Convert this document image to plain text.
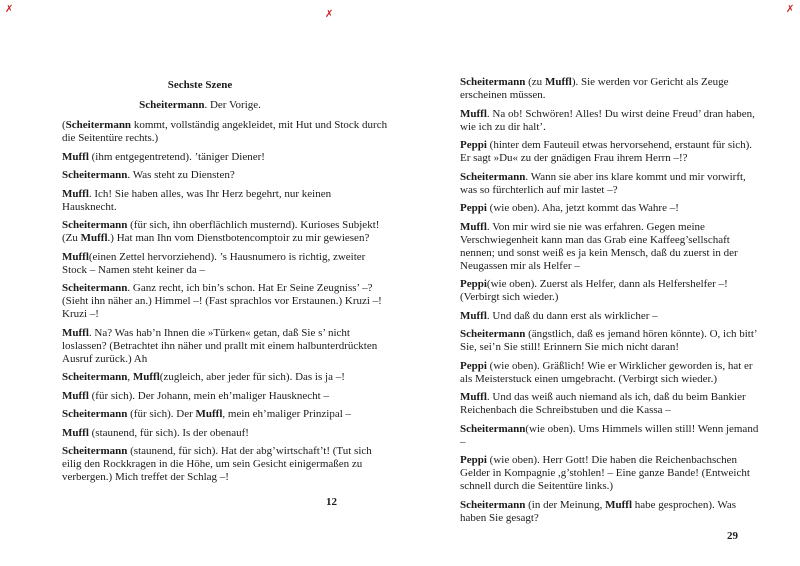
✗	✗	✗

Sechste Szene

Scheitermann. Der Vorige.

(Scheitermann kommt, vollständig angekleidet, mit Hut und Stock durch die Seitentüre rechts.)

Muffl (ihm entgegentretend). ’täniger Diener!

Scheitermann. Was steht zu Diensten?

Muffl. Ich! Sie haben alles, was Ihr Herz begehrt, nur keinen Hausknecht.

Scheitermann (für sich, ihn oberflächlich musternd). Kurioses Subjekt! (Zu Muffl.) Hat man Ihn vom Dienstbotencomptoir zu mir gewiesen?

Muffl(einen Zettel hervorziehend). ’s Hausnumero is richtig, zweiter Stock – Namen steht keiner da –

Scheitermann. Ganz recht, ich bin’s schon. Hat Er Seine Zeugniss’ –? (Sieht ihn näher an.) Himmel –! (Fast sprachlos vor Erstaunen.) Kruzi –! Kruzi –!

Muffl. Na? Was hab’n Ihnen die »Türken« getan, daß Sie s’ nicht loslassen? (Betrachtet ihn näher und prallt mit einem halbunterdrückten Ausruf zurück.) Ah

Scheitermann, Muffl(zugleich, aber jeder für sich). Das is ja –!

Muffl (für sich). Der Johann, mein eh’maliger Hausknecht –

Scheitermann (für sich). Der Muffl, mein eh’maliger Prinzipal –

Muffl (staunend, für sich). Is der obenauf!

Scheitermann (staunend, für sich). Hat der abg’wirtschaft’t! (Tut sich eilig den Rockkragen in die Höhe, um sein Gesicht einigermaßen zu verbergen.) Mich treffet der Schlag –!

12

Scheitermann (zu Muffl). Sie werden vor Gericht als Zeuge erscheinen müssen.

Muffl. Na ob! Schwören! Alles! Du wirst deine Freud’ dran haben, wie ich zu dir halt’.

Peppi (hinter dem Fauteuil etwas hervorsehend, erstaunt für sich). Er sagt »Du« zu der gnädigen Frau ihrem Herrn –!?

Scheitermann. Wann sie aber ins klare kommt und mir vorwirft, was so fürchterlich auf mir lastet –?

Peppi (wie oben). Aha, jetzt kommt das Wahre –!

Muffl. Von mir wird sie nie was erfahren. Gegen meine Verschwiegenheit kann man das Grab eine Kaffeeg’sellschaft nennen; und sonst weiß es ja kein Mensch, daß du zuerst in der Neugassen mir als Helfer –

Peppi(wie oben). Zuerst als Helfer, dann als Helfershelfer –! (Verbirgt sich wieder.)

Muffl. Und daß du dann erst als wirklicher –

Scheitermann (ängstlich, daß es jemand hören könnte). O, ich bitt’ Sie, sei’n Sie still! Erinnern Sie mich nicht daran!

Peppi (wie oben). Gräßlich! Wie er Wirklicher geworden is, hat er als Meisterstuck einen umgebracht. (Verbirgt sich wieder.)

Muffl. Und das weiß auch niemand als ich, daß du beim Bankier Reichenbach die Schreibstuben und die Kassa –

Scheitermann(wie oben). Ums Himmels willen still! Wenn jemand –

Peppi (wie oben). Herr Gott! Die haben die Reichenbachschen Gelder in Kompagnie ,g’stohlen! – Eine ganze Bande! (Entweicht schnell durch die Seitentüre links.)

Scheitermann (in der Meinung, Muffl habe gesprochen). Was haben Sie gesagt?

29
